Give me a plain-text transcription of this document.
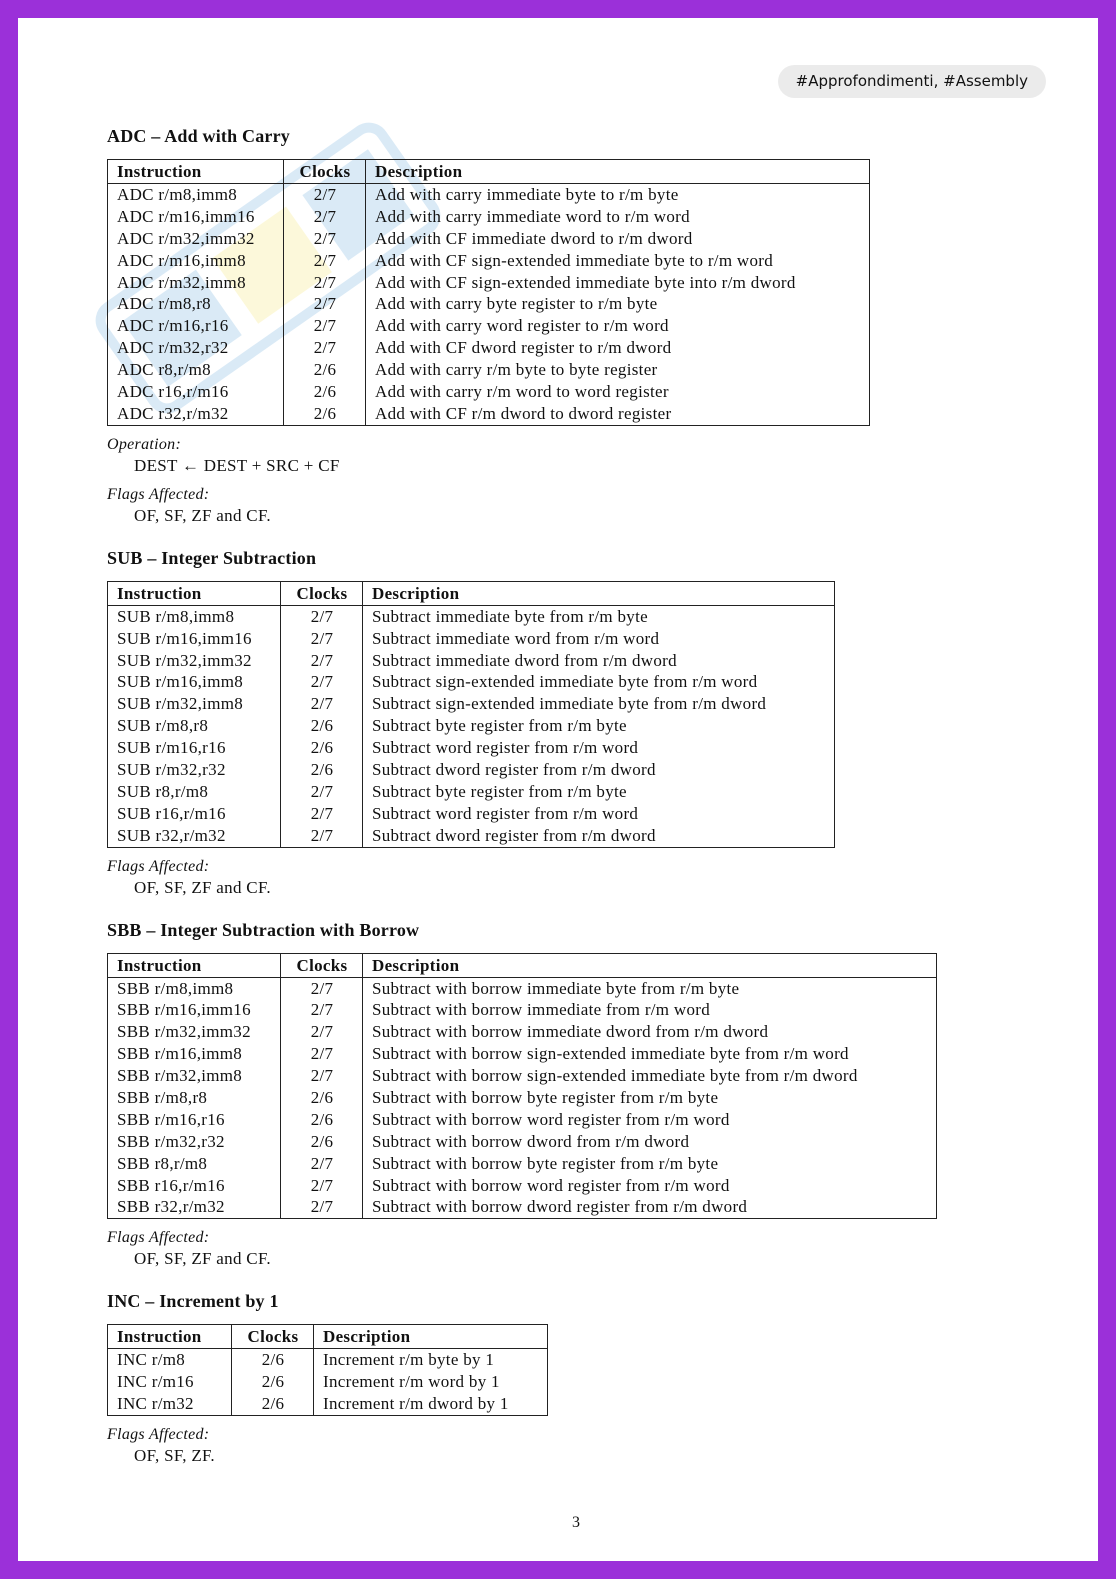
#Approfondimenti, #Assembly
ADC – Add with Carry
Instruction	Clocks	Description
ADC r/m8,imm8	2/7	Add with carry immediate byte to r/m byte
ADC r/m16,imm16	2/7	Add with carry immediate word to r/m word
ADC r/m32,imm32	2/7	Add with CF immediate dword to r/m dword
ADC r/m16,imm8	2/7	Add with CF sign-extended immediate byte to r/m word
ADC r/m32,imm8	2/7	Add with CF sign-extended immediate byte into r/m dword
ADC r/m8,r8	2/7	Add with carry byte register to r/m byte
ADC r/m16,r16	2/7	Add with carry word register to r/m word
ADC r/m32,r32	2/7	Add with CF dword register to r/m dword
ADC r8,r/m8	2/6	Add with carry r/m byte to byte register
ADC r16,r/m16	2/6	Add with carry r/m word to word register
ADC r32,r/m32	2/6	Add with CF r/m dword to dword register
Operation:
DEST ← DEST + SRC + CF
Flags Affected:
OF, SF, ZF and CF.
SUB – Integer Subtraction
Instruction	Clocks	Description
SUB r/m8,imm8	2/7	Subtract immediate byte from r/m byte
SUB r/m16,imm16	2/7	Subtract immediate word from r/m word
SUB r/m32,imm32	2/7	Subtract immediate dword from r/m dword
SUB r/m16,imm8	2/7	Subtract sign-extended immediate byte from r/m word
SUB r/m32,imm8	2/7	Subtract sign-extended immediate byte from r/m dword
SUB r/m8,r8	2/6	Subtract byte register from r/m byte
SUB r/m16,r16	2/6	Subtract word register from r/m word
SUB r/m32,r32	2/6	Subtract dword register from r/m dword
SUB r8,r/m8	2/7	Subtract byte register from r/m byte
SUB r16,r/m16	2/7	Subtract word register from r/m word
SUB r32,r/m32	2/7	Subtract dword register from r/m dword
Flags Affected:
OF, SF, ZF and CF.
SBB – Integer Subtraction with Borrow
Instruction	Clocks	Description
SBB r/m8,imm8	2/7	Subtract with borrow immediate byte from r/m byte
SBB r/m16,imm16	2/7	Subtract with borrow immediate from r/m word
SBB r/m32,imm32	2/7	Subtract with borrow immediate dword from r/m dword
SBB r/m16,imm8	2/7	Subtract with borrow sign-extended immediate byte from r/m word
SBB r/m32,imm8	2/7	Subtract with borrow sign-extended immediate byte from r/m dword
SBB r/m8,r8	2/6	Subtract with borrow byte register from r/m byte
SBB r/m16,r16	2/6	Subtract with borrow word register from r/m word
SBB r/m32,r32	2/6	Subtract with borrow dword from r/m dword
SBB r8,r/m8	2/7	Subtract with borrow byte register from r/m byte
SBB r16,r/m16	2/7	Subtract with borrow word register from r/m word
SBB r32,r/m32	2/7	Subtract with borrow dword register from r/m dword
Flags Affected:
OF, SF, ZF and CF.
INC – Increment by 1
Instruction	Clocks	Description
INC r/m8	2/6	Increment r/m byte by 1
INC r/m16	2/6	Increment r/m word by 1
INC r/m32	2/6	Increment r/m dword by 1
Flags Affected:
OF, SF, ZF.
3
